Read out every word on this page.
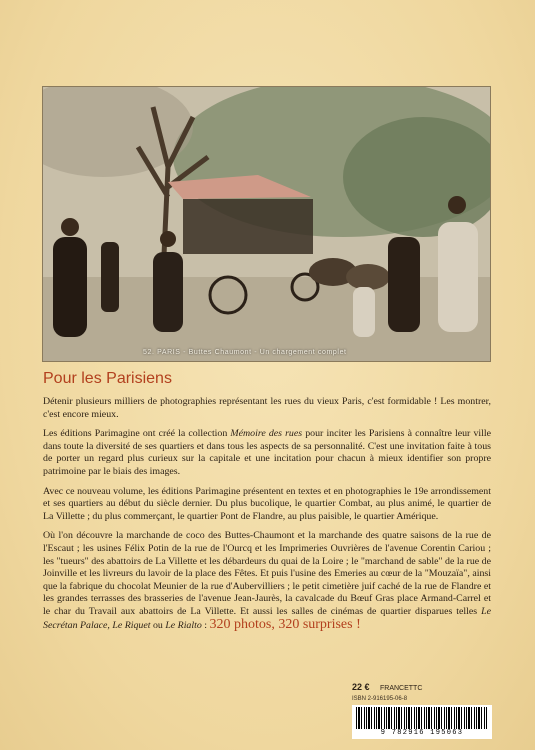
52. PARIS - Buttes Chaumont - Un chargement complet
Pour les Parisiens

Détenir plusieurs milliers de photographies représentant les rues du vieux Paris, c'est formidable ! Les montrer, c'est encore mieux.

Les éditions Parimagine ont créé la collection Mémoire des rues pour inciter les Parisiens à connaître leur ville dans toute la diversité de ses quartiers et dans tous les aspects de sa personnalité. C'est une invitation faite à tous de porter un regard plus curieux sur la capitale et une incitation pour chacun à mieux identifier son propre patrimoine par le biais des images.

Avec ce nouveau volume, les éditions Parimagine présentent en textes et en photographies le 19e arrondissement et ses quartiers au début du siècle dernier. Du plus bucolique, le quartier Combat, au plus animé, le quartier de La Villette ; du plus commerçant, le quartier Pont de Flandre, au plus paisible, le quartier Amérique.

Où l'on découvre la marchande de coco des Buttes-Chaumont et la marchande des quatre saisons de la rue de l'Escaut ; les usines Félix Potin de la rue de l'Ourcq et les Imprimeries Ouvrières de l'avenue Corentin Cariou ; les "tueurs" des abattoirs de La Villette et les débardeurs du quai de la Loire ; le "marchand de sable" de la rue de Joinville et les livreurs du lavoir de la place des Fêtes. Et puis l'usine des Emeries au cœur de la "Mouzaïa", ainsi que la fabrique du chocolat Meunier de la rue d'Aubervilliers ; le petit cimetière juif caché de la rue de Flandre et les grandes terrasses des brasseries de l'avenue Jean-Jaurès, la cavalcade du Bœuf Gras place Armand-Carrel et le char du Travail aux abattoirs de La Villette. Et aussi les salles de cinémas de quartier disparues telles Le Secrétan Palace, Le Riquet ou Le Rialto : 320 photos, 320 surprises !

22 € FRANCETTC
ISBN 2-916195-06-8
9 782916 195063
